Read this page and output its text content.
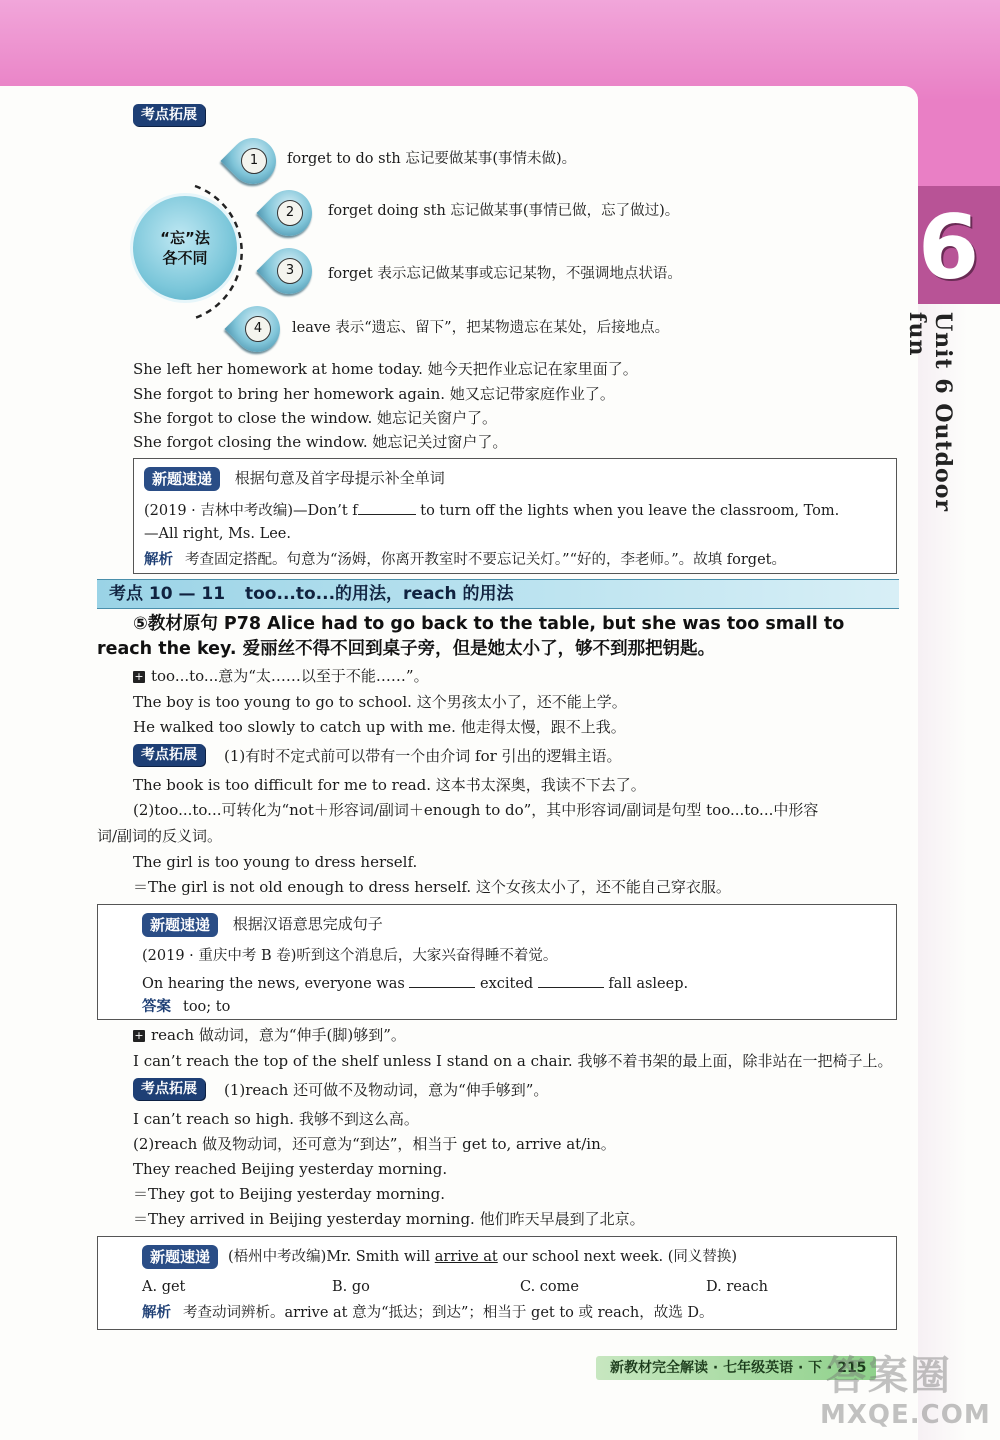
6
Unit 6 Outdoor fun
考点拓展
“忘”法
各不同
1	forget to do sth 忘记要做某事(事情未做)。
2	forget doing sth 忘记做某事(事情已做，忘了做过)。
3	forget 表示忘记做某事或忘记某物，不强调地点状语。
4	leave 表示“遗忘、留下”，把某物遗忘在某处，后接地点。
She left her homework at home today. 她今天把作业忘记在家里面了。
She forgot to bring her homework again. 她又忘记带家庭作业了。
She forgot to close the window. 她忘记关窗户了。
She forgot closing the window. 她忘记关过窗户了。
新题速递 根据句意及首字母提示补全单词
(2019 · 吉林中考改编)—Don’t f	to turn off the lights when you leave the classroom, Tom.
—All right, Ms. Lee.
解析 考查固定搭配。句意为“汤姆，你离开教室时不要忘记关灯。”“好的，李老师。”。故填 forget。
考点 10 — 11 too...to...的用法，reach 的用法
⑤教材原句 P78 Alice had to go back to the table, but she was too small to
reach the key. 爱丽丝不得不回到桌子旁，但是她太小了，够不到那把钥匙。
+ too...to...意为“太……以至于不能……”。
The boy is too young to go to school. 这个男孩太小了，还不能上学。
He walked too slowly to catch up with me. 他走得太慢，跟不上我。
考点拓展	(1)有时不定式前可以带有一个由介词 for 引出的逻辑主语。
The book is too difficult for me to read. 这本书太深奥，我读不下去了。
(2)too...to...可转化为“not＋形容词/副词＋enough to do”，其中形容词/副词是句型 too...to...中形容
词/副词的反义词。
The girl is too young to dress herself.
＝The girl is not old enough to dress herself. 这个女孩太小了，还不能自己穿衣服。
新题速递 根据汉语意思完成句子
(2019 · 重庆中考 B 卷)听到这个消息后，大家兴奋得睡不着觉。
On hearing the news, everyone was	excited	fall asleep.
答案 too; to
+ reach 做动词，意为“伸手(脚)够到”。
I can’t reach the top of the shelf unless I stand on a chair. 我够不着书架的最上面，除非站在一把椅子上。
考点拓展	(1)reach 还可做不及物动词，意为“伸手够到”。
I can’t reach so high. 我够不到这么高。
(2)reach 做及物动词，还可意为“到达”，相当于 get to, arrive at/in。
They reached Beijing yesterday morning.
＝They got to Beijing yesterday morning.
＝They arrived in Beijing yesterday morning. 他们昨天早晨到了北京。
新题速递 (梧州中考改编)Mr. Smith will arrive at our school next week. (同义替换)
A. get	B. go	C. come	D. reach
解析 考查动词辨析。arrive at 意为“抵达；到达”；相当于 get to 或 reach，故选 D。
新教材完全解读 · 七年级英语 · 下 · 215
答案圈
MXQE.COM
